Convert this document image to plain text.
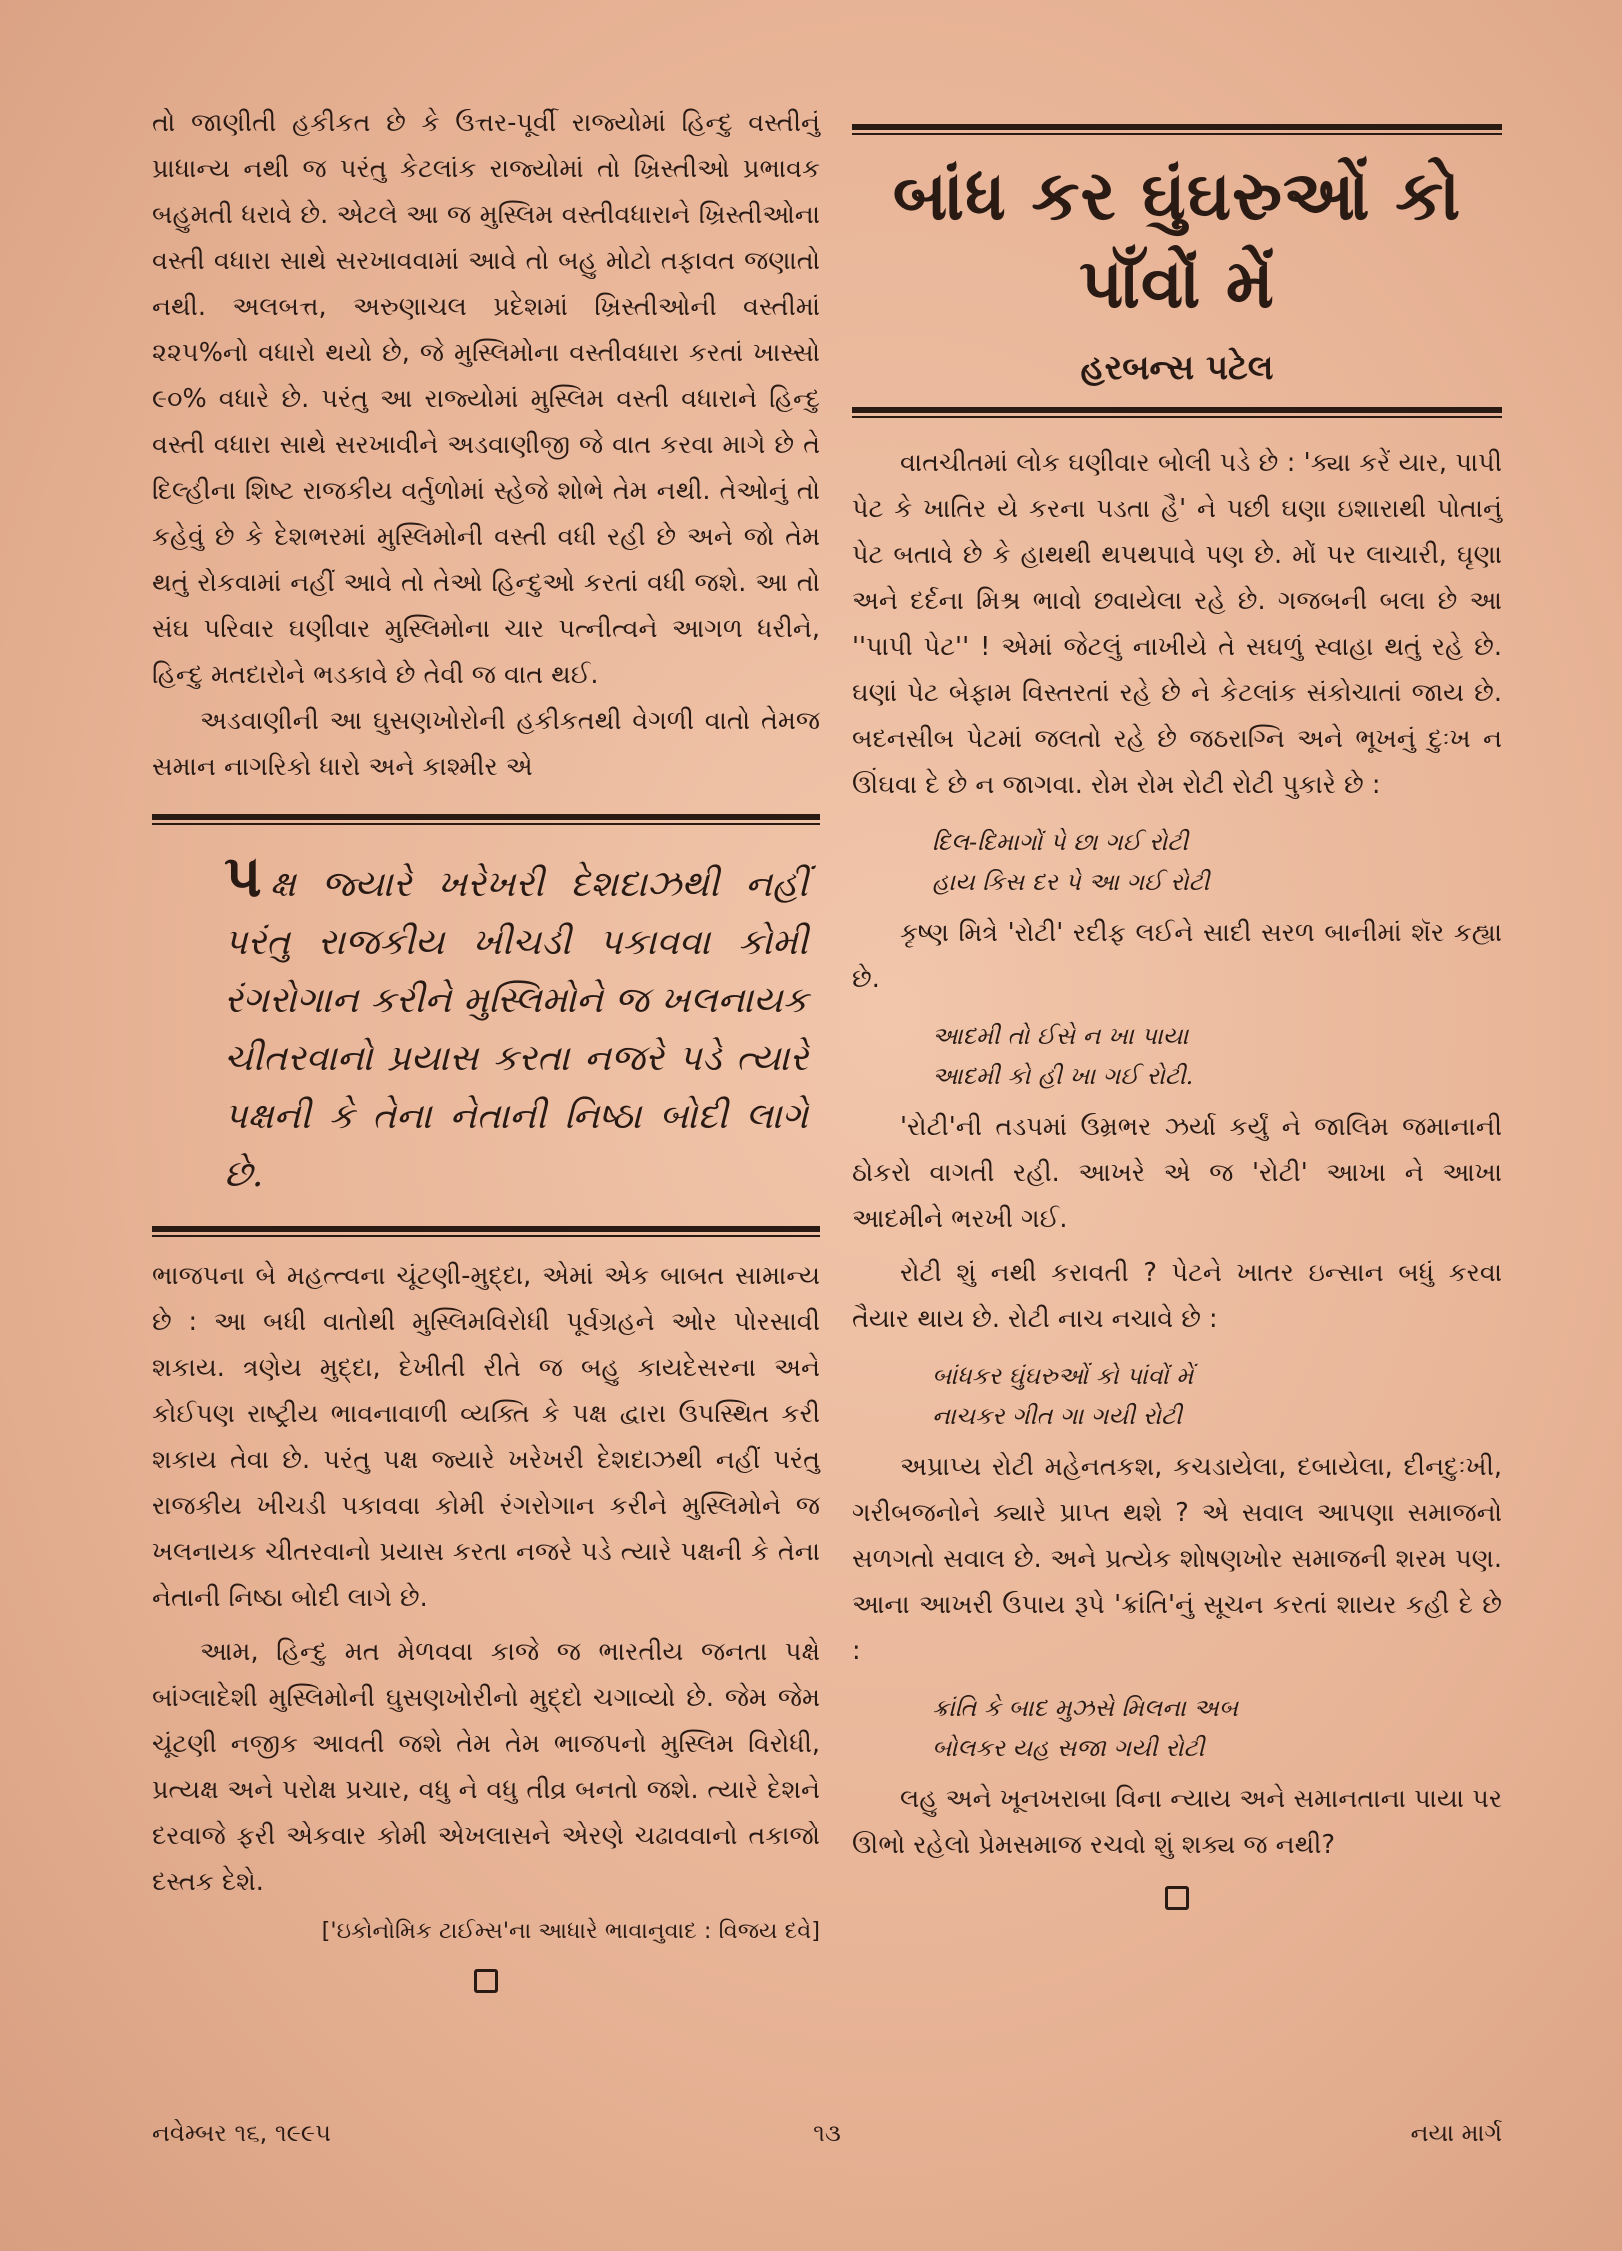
તો જાણીતી હકીકત છે કે ઉત્તર-પૂર્વી રાજ્યોમાં હિન્દુ વસ્તીનું પ્રાધાન્ય નથી જ પરંતુ કેટલાંક રાજ્યોમાં તો ખ્રિસ્તીઓ પ્રભાવક બહુમતી ધરાવે છે. એટલે આ જ મુસ્લિમ વસ્તીવધારાને ખ્રિસ્તીઓના વસ્તી વધારા સાથે સરખાવવામાં આવે તો બહુ મોટો તફાવત જણાતો નથી. અલબત્ત, અરુણાચલ પ્રદેશમાં ખ્રિસ્તીઓની વસ્તીમાં ૨૨૫%નો વધારો થયો છે, જે મુસ્લિમોના વસ્તીવધારા કરતાં ખાસ્સો ૯૦% વધારે છે. પરંતુ આ રાજ્યોમાં મુસ્લિમ વસ્તી વધારાને હિન્દુ વસ્તી વધારા સાથે સરખાવીને અડવાણીજી જે વાત કરવા માગે છે તે દિલ્હીના શિષ્ટ રાજકીય વર્તુળોમાં સ્હેજે શોભે તેમ નથી. તેઓનું તો કહેવું છે કે દેશભરમાં મુસ્લિમોની વસ્તી વધી રહી છે અને જો તેમ થતું રોકવામાં નહીં આવે તો તેઓ હિન્દુઓ કરતાં વધી જશે. આ તો સંઘ પરિવાર ઘણીવાર મુસ્લિમોના ચાર પત્નીત્વને આગળ ધરીને, હિન્દુ મતદારોને ભડકાવે છે તેવી જ વાત થઈ.

અડવાણીની આ ઘુસણખોરોની હકીકતથી વેગળી વાતો તેમજ સમાન નાગરિકો ધારો અને કાશ્મીર એ

પક્ષ જ્યારે ખરેખરી દેશદાઝથી નહીં પરંતુ રાજકીય ખીચડી પકાવવા કોમી રંગરોગાન કરીને મુસ્લિમોને જ ખલનાયક ચીતરવાનો પ્રયાસ કરતા નજરે પડે ત્યારે પક્ષની કે તેના નેતાની નિષ્ઠા બોદી લાગે છે.

ભાજપના બે મહત્ત્વના ચૂંટણી-મુદ્દા, એમાં એક બાબત સામાન્ય છે : આ બધી વાતોથી મુસ્લિમવિરોધી પૂર્વગ્રહને ઓર પોરસાવી શકાય. ત્રણેય મુદ્દા, દેખીતી રીતે જ બહુ કાયદેસરના અને કોઈપણ રાષ્ટ્રીય ભાવનાવાળી વ્યક્તિ કે પક્ષ દ્વારા ઉપસ્થિત કરી શકાય તેવા છે. પરંતુ પક્ષ જ્યારે ખરેખરી દેશદાઝથી નહીં પરંતુ રાજકીય ખીચડી પકાવવા કોમી રંગરોગાન કરીને મુસ્લિમોને જ ખલનાયક ચીતરવાનો પ્રયાસ કરતા નજરે પડે ત્યારે પક્ષની કે તેના નેતાની નિષ્ઠા બોદી લાગે છે.

આમ, હિન્દુ મત મેળવવા કાજે જ ભારતીય જનતા પક્ષે બાંગ્લાદેશી મુસ્લિમોની ઘુસણખોરીનો મુદ્દો ચગાવ્યો છે. જેમ જેમ ચૂંટણી નજીક આવતી જશે તેમ તેમ ભાજપનો મુસ્લિમ વિરોધી, પ્રત્યક્ષ અને પરોક્ષ પ્રચાર, વધુ ને વધુ તીવ્ર બનતો જશે. ત્યારે દેશને દરવાજે ફરી એકવાર કોમી એખલાસને એરણે ચઢાવવાનો તકાજો દસ્તક દેશે.

['ઇકોનોમિક ટાઈમ્સ'ના આધારે ભાવાનુવાદ : વિજય દવે]

બાંધ કર ઘુંઘરુઓં કો
પાઁવોં મેં
હરબન્સ પટેલ

વાતચીતમાં લોક ઘણીવાર બોલી પડે છે : 'ક્યા કરેં યાર, પાપી પેટ કે ખાતિર યે કરના પડતા હૈ' ને પછી ઘણા ઇશારાથી પોતાનું પેટ બતાવે છે કે હાથથી થપથપાવે પણ છે. મોં પર લાચારી, ઘૃણા અને દર્દના મિશ્ર ભાવો છવાયેલા રહે છે. ગજબની બલા છે આ ''પાપી પેટ'' ! એમાં જેટલું નાખીયે તે સઘળું સ્વાહા થતું રહે છે. ઘણાં પેટ બેફામ વિસ્તરતાં રહે છે ને કેટલાંક સંકોચાતાં જાય છે. બદનસીબ પેટમાં જલતો રહે છે જઠરાગ્નિ અને ભૂખનું દુઃખ ન ઊંઘવા દે છે ન જાગવા. રોમ રોમ રોટી રોટી પુકારે છે :

દિલ-દિમાગોં પે છા ગઈ રોટી
હાય કિસ દર પે આ ગઈ રોટી

કૃષ્ણ મિત્રે 'રોટી' રદીફ લઈને સાદી સરળ બાનીમાં શૅર કહ્યા છે.

આદમી તો ઈસે ન ખા પાયા
આદમી કો હી ખા ગઈ રોટી.

'રોટી'ની તડપમાં ઉમ્રભર ઝર્યા કર્યું ને જાલિમ જમાનાની ઠોકરો વાગતી રહી. આખરે એ જ 'રોટી' આખા ને આખા આદમીને ભરખી ગઈ.

રોટી શું નથી કરાવતી ? પેટને ખાતર ઇન્સાન બધું કરવા તૈયાર થાય છે. રોટી નાચ નચાવે છે :

બાંધકર ઘુંઘરુઓં કો પાંવોં મેં
નાચકર ગીત ગા ગયી રોટી

અપ્રાપ્ય રોટી મહેનતકશ, કચડાયેલા, દબાયેલા, દીનદુઃખી, ગરીબજનોને ક્યારે પ્રાપ્ત થશે ? એ સવાલ આપણા સમાજનો સળગતો સવાલ છે. અને પ્રત્યેક શોષણખોર સમાજની શરમ પણ. આના આખરી ઉપાય રૂપે 'ક્રાંતિ'નું સૂચન કરતાં શાયર કહી દે છે :

ક્રાંતિ કે બાદ મુઝસે મિલના અબ
બોલકર યહ સજા ગયી રોટી

લહુ અને ખૂનખરાબા વિના ન્યાય અને સમાનતાના પાયા પર ઊભો રહેલો પ્રેમસમાજ રચવો શું શક્ય જ નથી?

નવેમ્બર ૧૬, ૧૯૯૫	૧૩	નયા માર્ગ
